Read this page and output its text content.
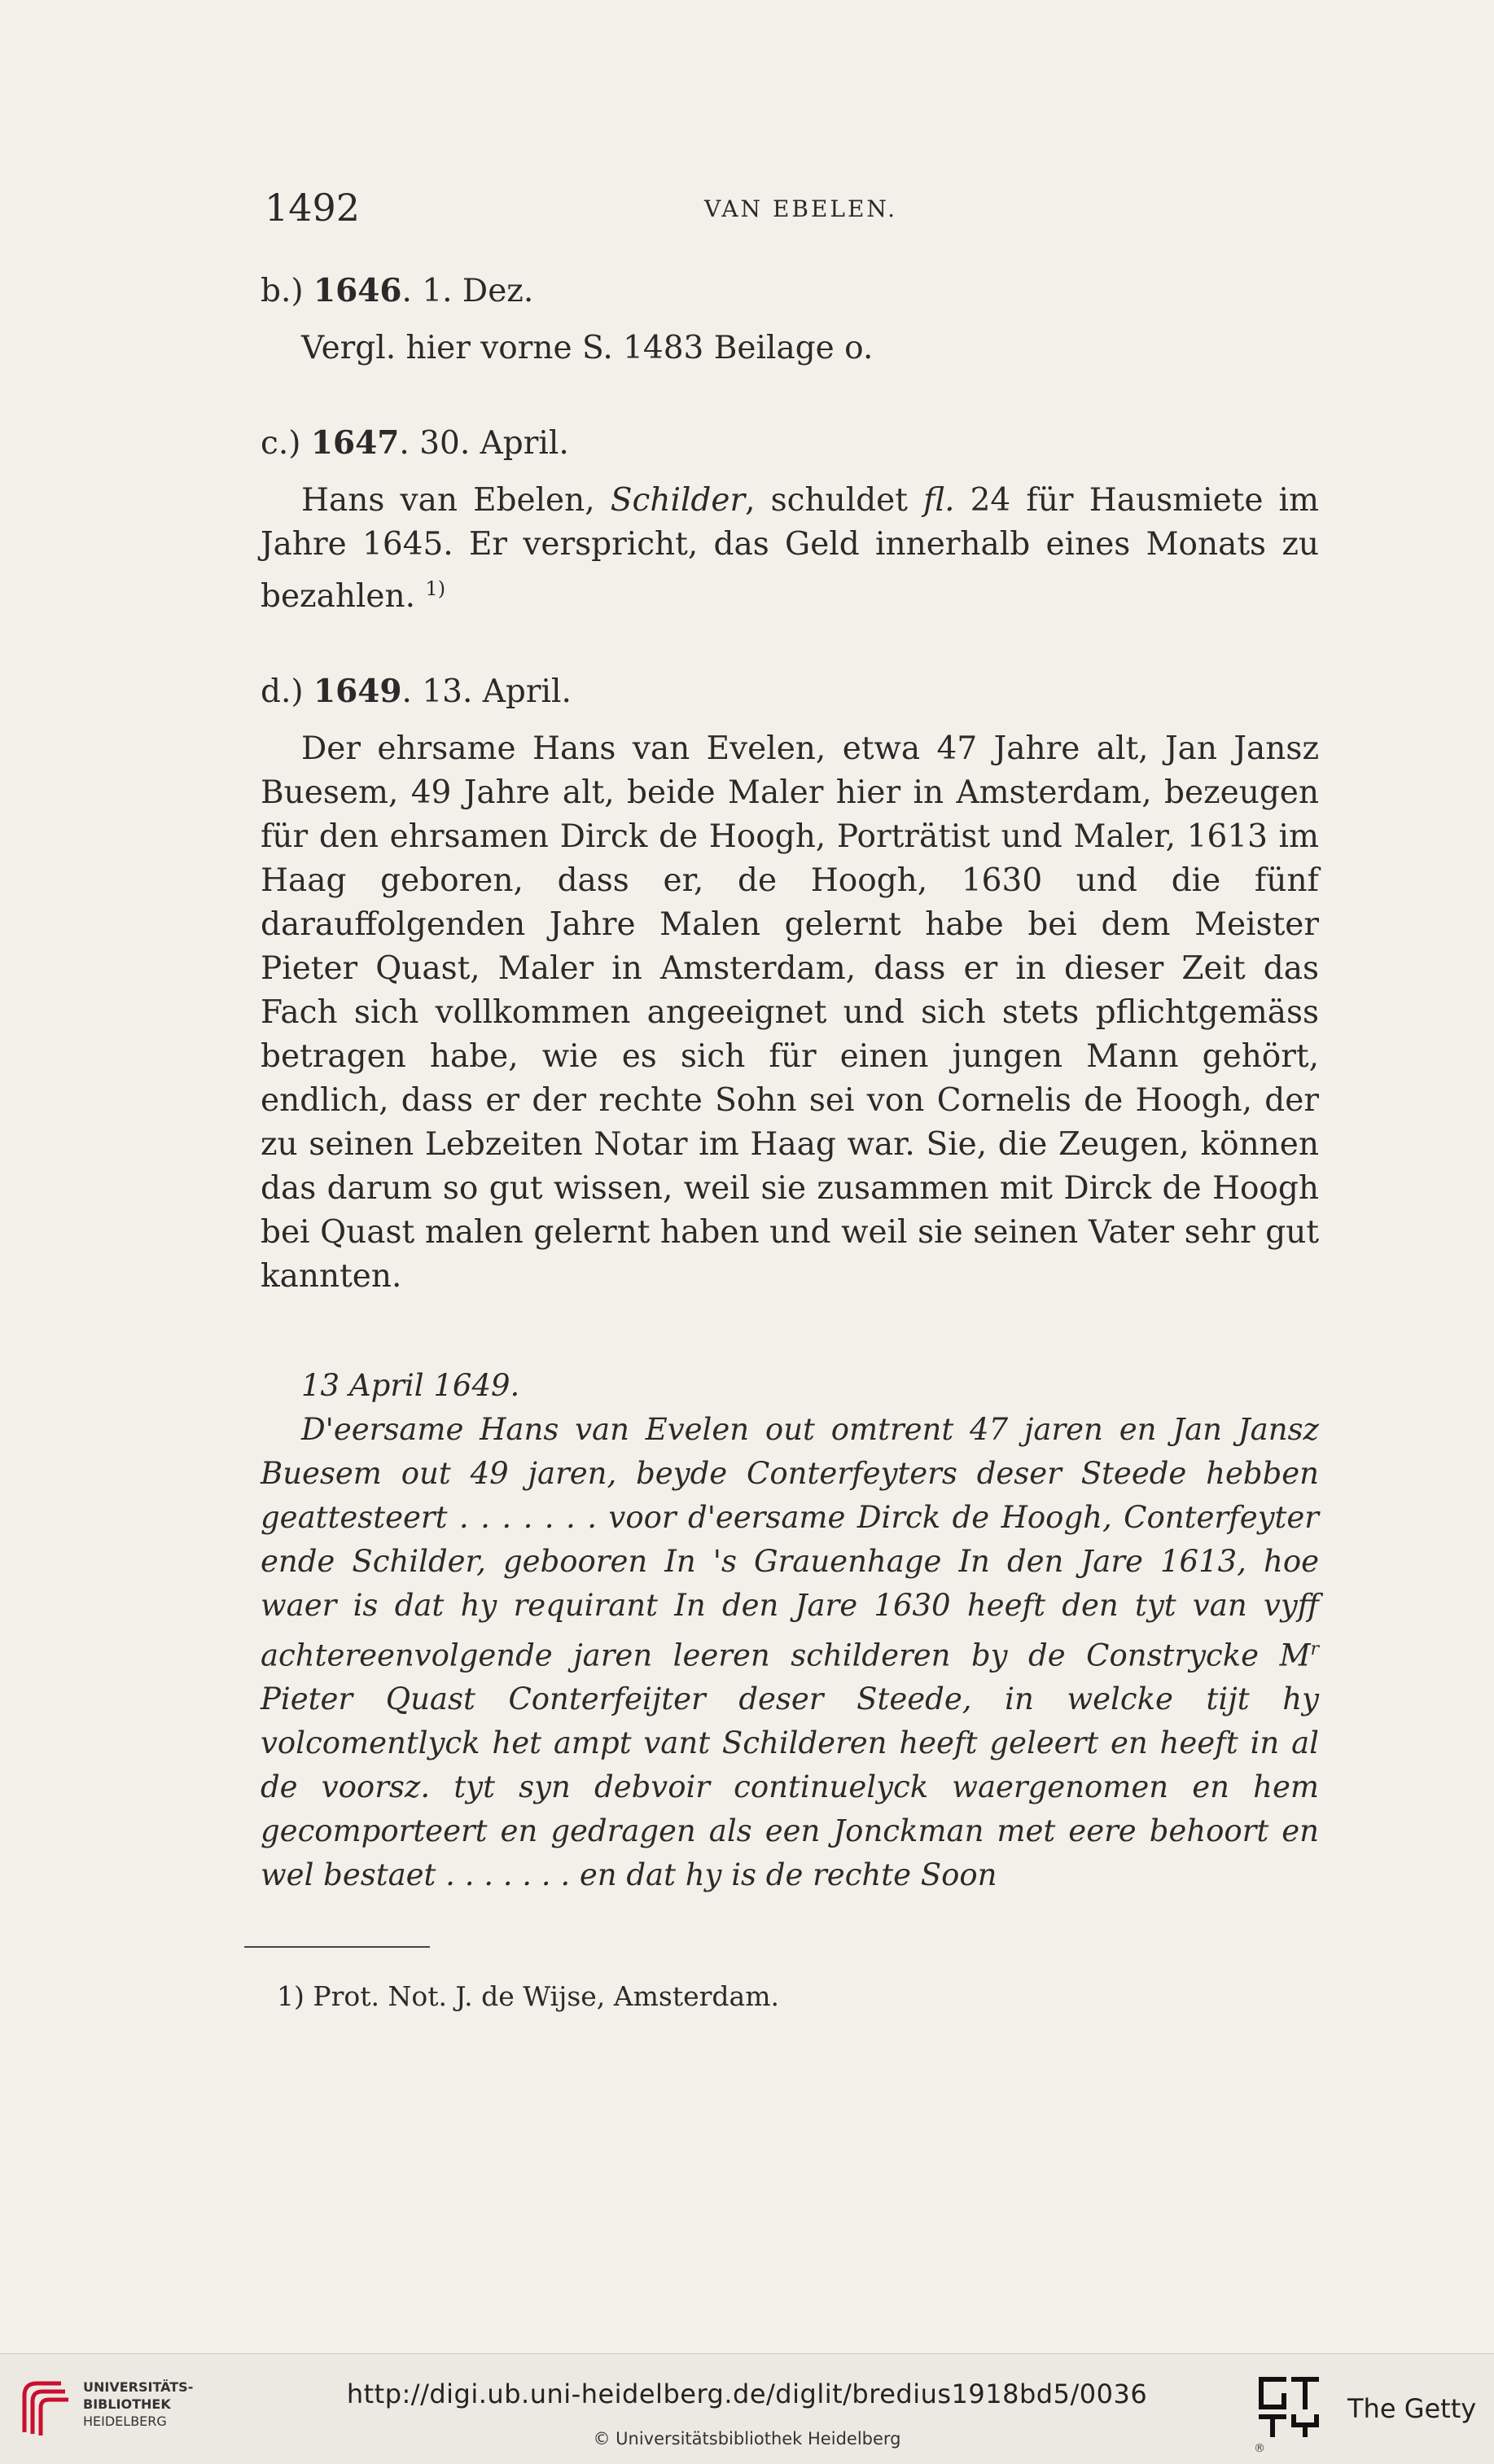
1492	VAN EBELEN.
b.) 1646. 1. Dez.

Vergl. hier vorne S. 1483 Beilage o.

c.) 1647. 30. April.

Hans van Ebelen, Schilder, schuldet fl. 24 für Hausmiete im Jahre 1645. Er verspricht, das Geld innerhalb eines Monats zu bezahlen. $^{1)}$

d.) 1649. 13. April.

Der ehrsame Hans van Evelen, etwa 47 Jahre alt, Jan Jansz Buesem, 49 Jahre alt, beide Maler hier in Amsterdam, bezeugen für den ehrsamen Dirck de Hoogh, Porträtist und Maler, 1613 im Haag geboren, dass er, de Hoogh, 1630 und die fünf darauffolgenden Jahre Malen gelernt habe bei dem Meister Pieter Quast, Maler in Amsterdam, dass er in dieser Zeit das Fach sich vollkommen angeeignet und sich stets pflichtgemäss betragen habe, wie es sich für einen jungen Mann gehört, endlich, dass er der rechte Sohn sei von Cornelis de Hoogh, der zu seinen Lebzeiten Notar im Haag war. Sie, die Zeugen, können das darum so gut wissen, weil sie zusammen mit Dirck de Hoogh bei Quast malen gelernt haben und weil sie seinen Vater sehr gut kannten.

13 April 1649.

D'eersame Hans van Evelen out omtrent 47 jaren en Jan Jansz Buesem out 49 jaren, beyde Conterfeyters deser Steede hebben geattesteert . . . . . . . voor d'eersame Dirck de Hoogh, Conterfeyter ende Schilder, gebooren In 's Grauenhage In den Jare 1613, hoe waer is dat hy requirant In den Jare 1630 heeft den tyt van vyff achtereenvolgende jaren leeren schilderen by de Constrycke $M^r$ Pieter Quast Conterfeijter deser Steede, in welcke tijt hy volcomentlyck het ampt vant Schilderen heeft geleert en heeft in al de voorsz. tyt syn debvoir continuelyck waergenomen en hem gecomporteert en gedragen als een Jonckman met eere behoort en wel bestaet . . . . . . . en dat hy is de rechte Soon

1) Prot. Not. J. de Wijse, Amsterdam.
UNIVERSITÄTS-
BIBLIOTHEK
HEIDELBERG
http://digi.ub.uni-heidelberg.de/diglit/bredius1918bd5/0036
© Universitätsbibliothek Heidelberg
The Getty
®
